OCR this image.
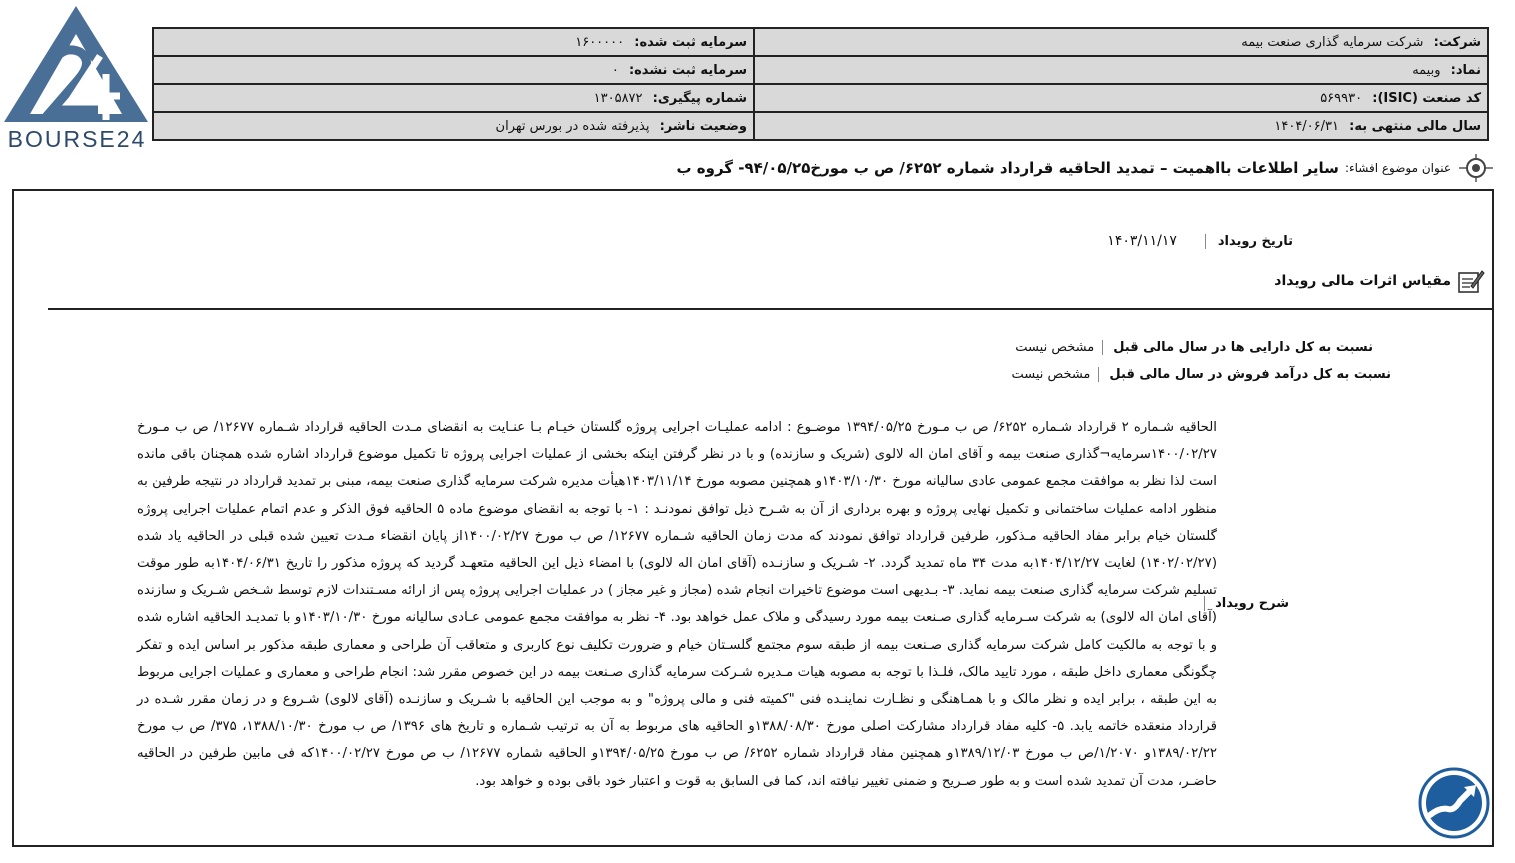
BOURSE24
شرکت: شرکت سرمایه گذاری صنعت بیمه	سرمایه ثبت شده: ۱۶۰۰۰۰۰
نماد: وبیمه	سرمایه ثبت نشده: ۰
کد صنعت (ISIC): ۵۶۹۹۳۰	شماره پیگیری: ۱۳۰۵۸۷۲
سال مالی منتهی به: ۱۴۰۴/۰۶/۳۱	وضعیت ناشر: پذیرفته شده در بورس تهران
عنوان موضوع افشاء:
سایر اطلاعات بااهمیت – تمدید الحاقیه قرارداد شماره ۶۲۵۲/ ص ب مورخ۹۴/۰۵/۲۵- گروه ب
تاریخ رویداد
۱۴۰۳/۱۱/۱۷
مقیاس اثرات مالی رویداد
نسبت به کل دارایی ها در سال مالی قبل
مشخص نیست
نسبت به کل درآمد فروش در سال مالی قبل
مشخص نیست
شرح رویداد
الحاقیه شـماره ۲ قرارداد شـماره ۶۲۵۲/ ص ب مـورخ ۱۳۹۴/۰۵/۲۵ موضـوع : ادامه عملیـات اجرایی پروژه گلستان خیـام بـا عنـایت به انقضای مـدت الحاقیه قرارداد شـماره ۱۲۶۷۷/ ص ب مـورخ ۱۴۰۰/۰۲/۲۷سرمایه¬گذاری صنعت بیمه و آقای امان اله لالوی (شریک و سازنده) و با در نظر گرفتن اینکه بخشی از عملیات اجرایی پروژه تا تکمیل موضوع قرارداد اشاره شده همچنان باقی مانده است لذا نظر به موافقت مجمع عمومی عادی سالیانه مورخ ۱۴۰۳/۱۰/۳۰و همچنین مصوبه مورخ ۱۴۰۳/۱۱/۱۴هیأت مدیره شرکت سرمایه گذاری صنعت بیمه، مبنی بر تمدید قرارداد در نتیجه طرفین به منظور ادامه عملیات ساختمانی و تکمیل نهایی پروژه و بهره برداری از آن به شـرح ذیل توافق نمودنـد : ۱- با توجه به انقضای موضوع ماده ۵ الحاقیه فوق الذکر و عدم اتمام عملیات اجرایی پروژه گلستان خیام برابر مفاد الحاقیه مـذکور، طرفین قرارداد توافق نمودند که مدت زمان الحاقیه شـماره ۱۲۶۷۷/ ص ب مورخ ۱۴۰۰/۰۲/۲۷از پایان انقضاء مـدت تعیین شده قبلی در الحاقیه یاد شده (۱۴۰۲/۰۲/۲۷) لغایت ۱۴۰۴/۱۲/۲۷به مدت ۳۴ ماه تمدید گردد. ۲- شـریک و سازنـده (آقای امان اله لالوی) با امضاء ذیل این الحاقیه متعهـد گردید که پروژه مذکور را تاریخ ۱۴۰۴/۰۶/۳۱به طور موقت تسلیم شرکت سرمایه گذاری صنعت بیمه نماید. ۳- بـدیهی است موضوع تاخیرات انجام شده (مجاز و غیر مجاز ) در عملیات اجرایی پروژه پس از ارائه مسـتندات لازم توسط شـخص شـریک و سازنده (آقای امان اله لالوی) به شرکت سـرمایه گذاری صـنعت بیمه مورد رسیدگی و ملاک عمل خواهد بود. ۴- نظر به موافقت مجمع عمومی عـادی سالیانه مورخ ۱۴۰۳/۱۰/۳۰و با تمدیـد الحاقیه اشاره شده و با توجه به مالکیت کامل شرکت سرمایه گذاری صـنعت بیمه از طبقه سوم مجتمع گلسـتان خیام و ضرورت تکلیف نوع کاربری و متعاقب آن طراحی و معماری طبقه مذکور بر اساس ایده و تفکر چگونگی معماری داخل طبقه ، مورد تایید مالک، فلـذا با توجه به مصوبه هیات مـدیره شـرکت سرمایه گذاری صـنعت بیمه در این خصوص مقرر شد: انجام طراحی و معماری و عملیات اجرایی مربوط به این طبقه ، برابر ایده و نظر مالک و با همـاهنگی و نظـارت نماینـده فنی "کمیته فنی و مالی پروژه" و به موجب این الحاقیه با شـریک و سازنـده (آقای لالوی) شـروع و در زمان مقرر شـده در قرارداد منعقده خاتمه یابد. ۵- کلیه مفاد قرارداد مشارکت اصلی مورخ ۱۳۸۸/۰۸/۳۰و الحاقیه های مربوط به آن به ترتیب شـماره و تاریخ های ۱۳۹۶/ ص ب مورخ ۱۳۸۸/۱۰/۳۰، ۳۷۵/ ص ب مورخ ۱۳۸۹/۰۲/۲۲و ۱/۲۰۷۰/ص ب مورخ ۱۳۸۹/۱۲/۰۳و همچنین مفاد قرارداد شماره ۶۲۵۲/ ص ب مورخ ۱۳۹۴/۰۵/۲۵و الحاقیه شماره ۱۲۶۷۷/ ب ص مورخ ۱۴۰۰/۰۲/۲۷که فی مابین طرفین در الحاقیه حاضـر، مدت آن تمدید شده است و به طور صـریح و ضمنی تغییر نیافته اند، کما فی السابق به قوت و اعتبار خود باقی بوده و خواهد بود.
